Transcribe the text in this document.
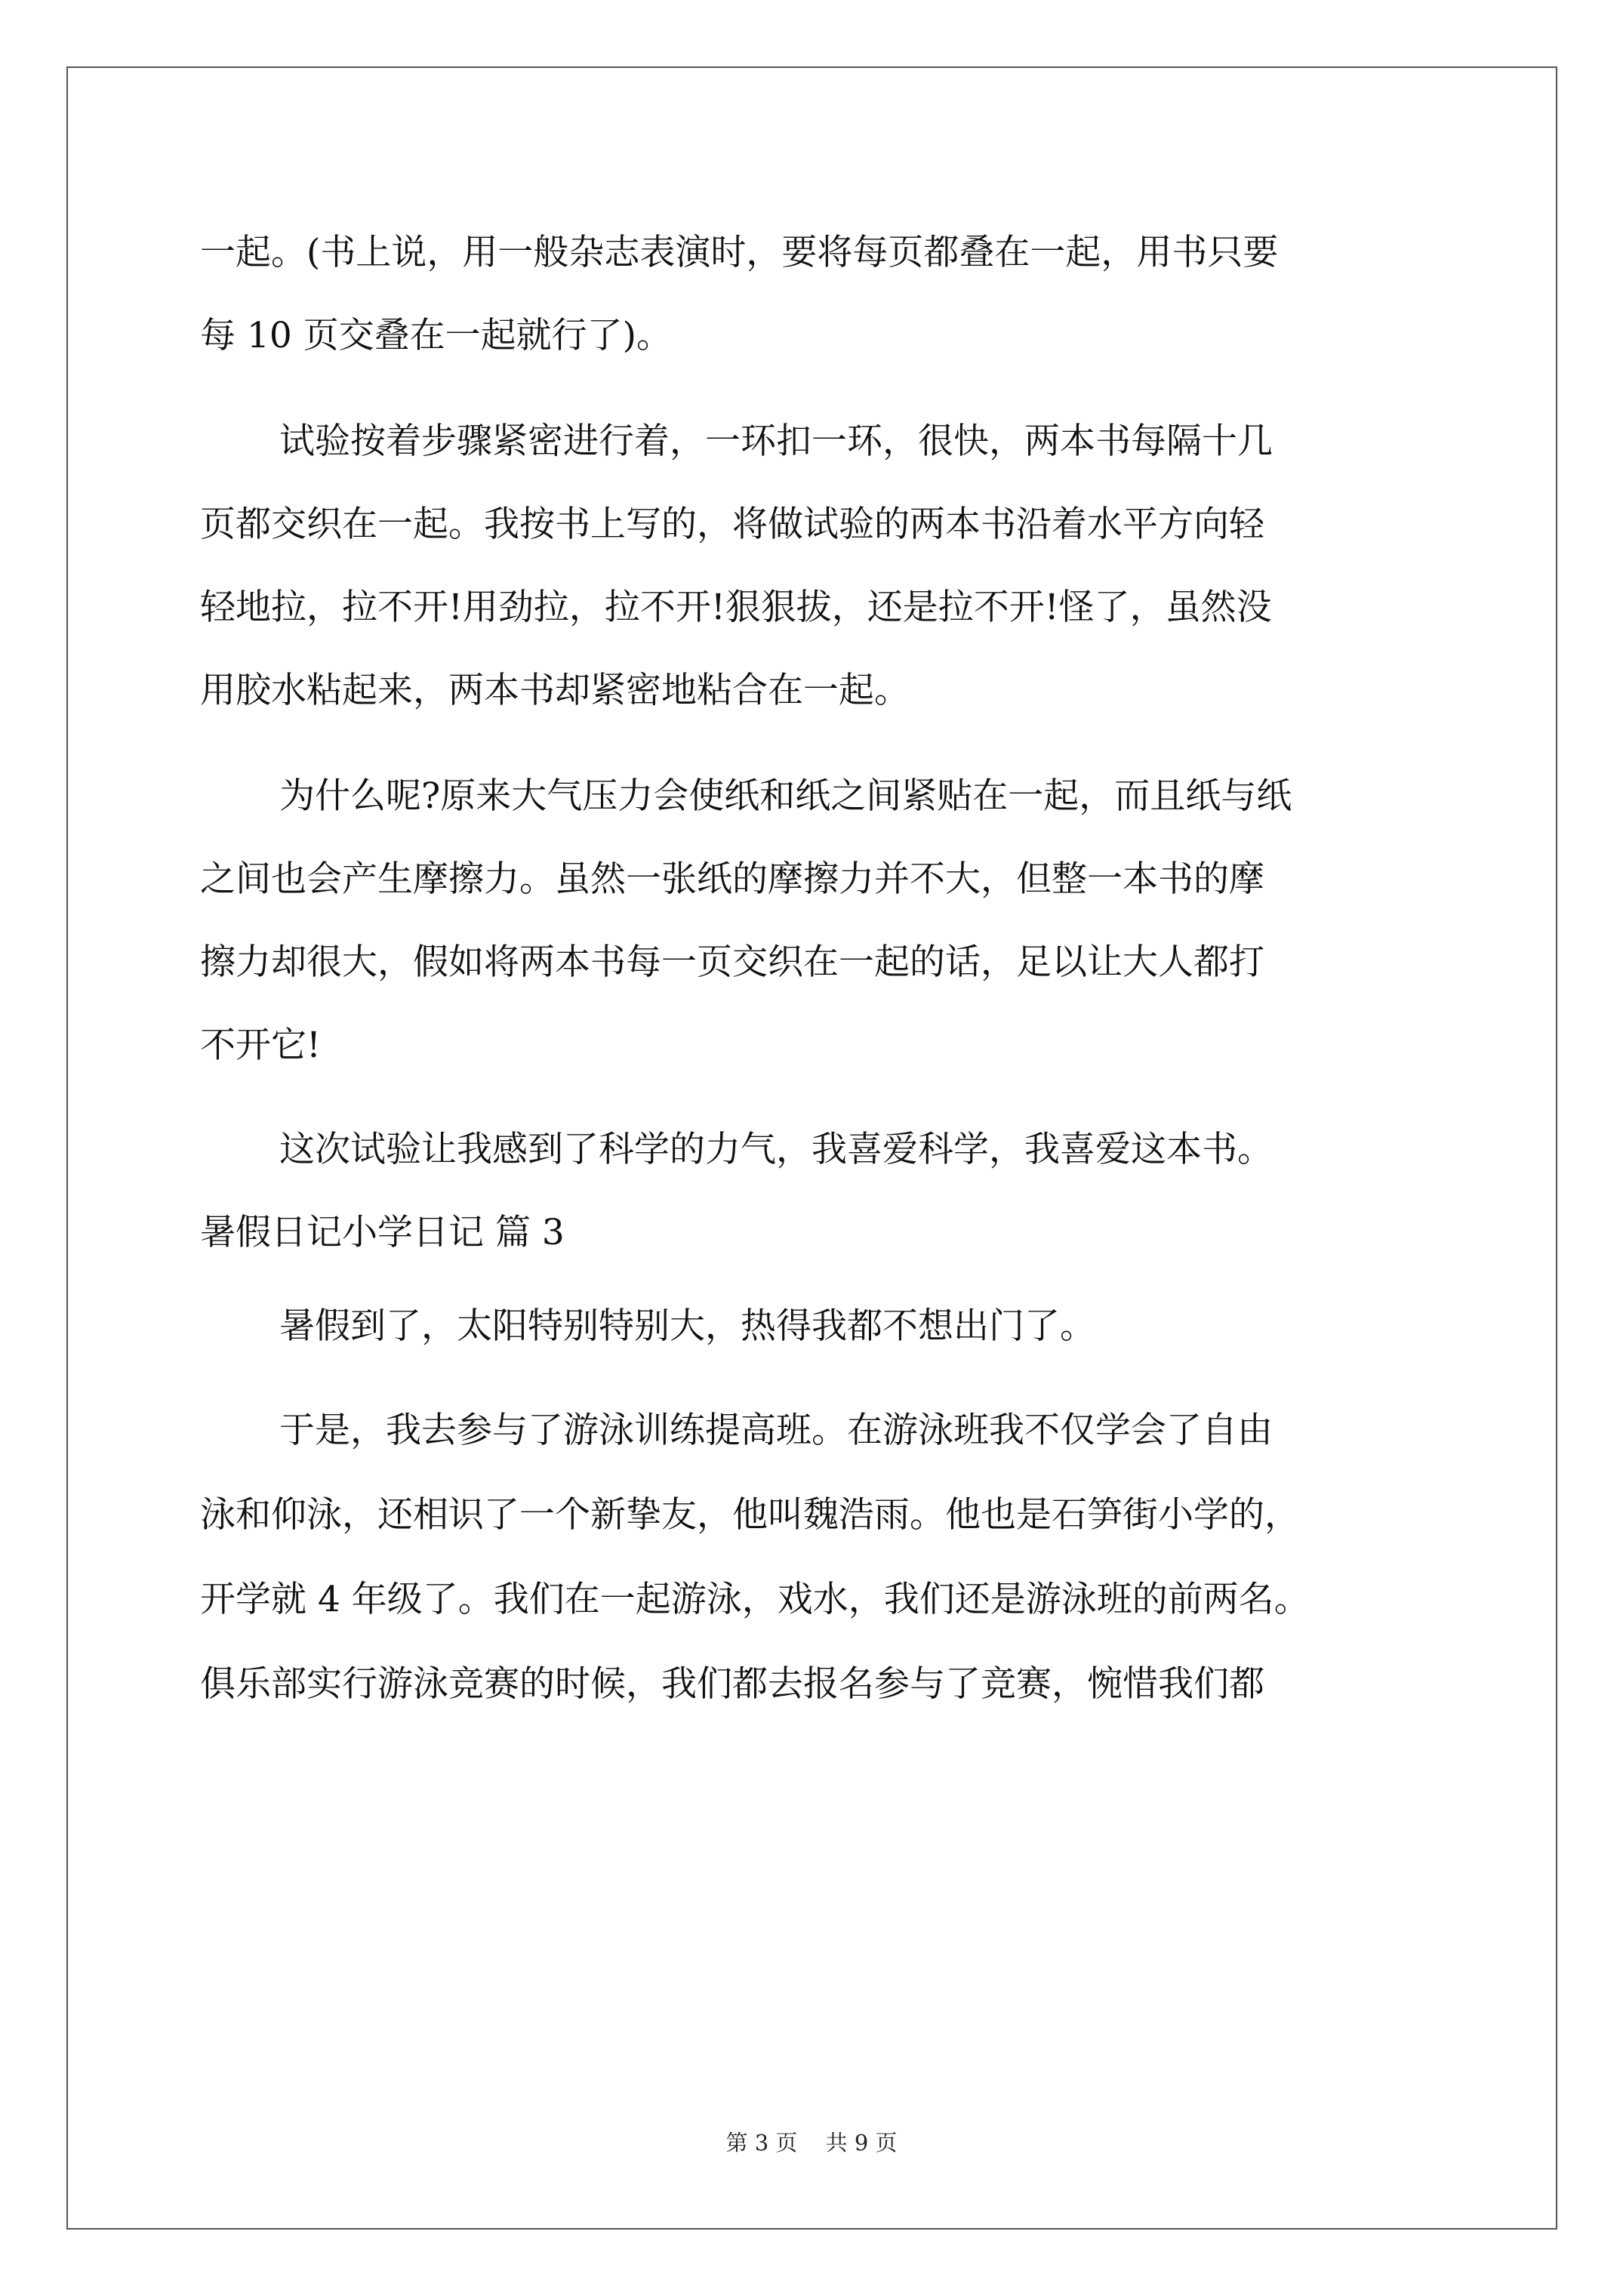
一起。(书上说，用一般杂志表演时，要将每页都叠在一起，用书只要
每 10 页交叠在一起就行了)。
试验按着步骤紧密进行着，一环扣一环，很快，两本书每隔十几
页都交织在一起。我按书上写的，将做试验的两本书沿着水平方向轻
轻地拉，拉不开!用劲拉，拉不开!狠狠拔，还是拉不开!怪了，虽然没
用胶水粘起来，两本书却紧密地粘合在一起。
为什么呢?原来大气压力会使纸和纸之间紧贴在一起，而且纸与纸
之间也会产生摩擦力。虽然一张纸的摩擦力并不大，但整一本书的摩
擦力却很大，假如将两本书每一页交织在一起的话，足以让大人都打
不开它!
这次试验让我感到了科学的力气，我喜爱科学，我喜爱这本书。
暑假日记小学日记 篇 3
暑假到了，太阳特别特别大，热得我都不想出门了。
于是，我去参与了游泳训练提高班。在游泳班我不仅学会了自由
泳和仰泳，还相识了一个新挚友，他叫魏浩雨。他也是石笋街小学的，
开学就 4 年级了。我们在一起游泳，戏水，我们还是游泳班的前两名。
俱乐部实行游泳竞赛的时候，我们都去报名参与了竞赛，惋惜我们都
第 3 页 共 9 页
